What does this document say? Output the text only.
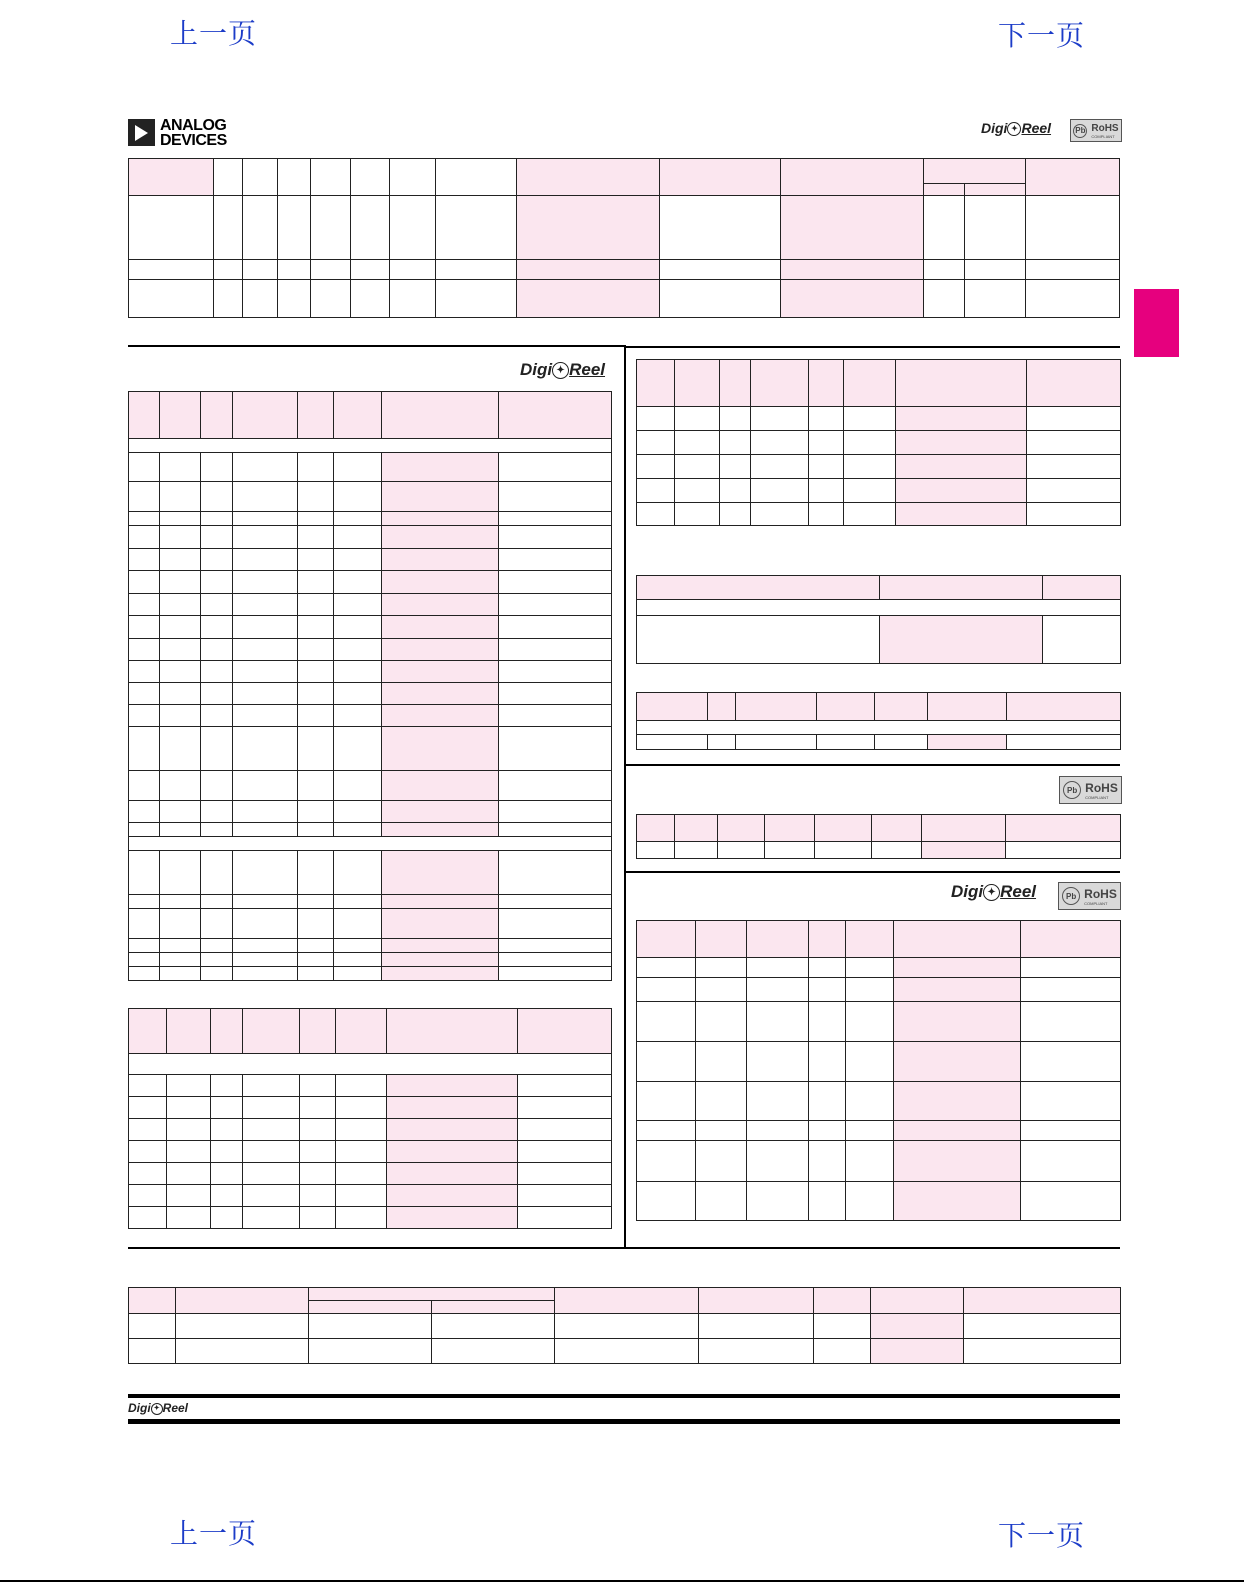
上一页	下一页
上一页	下一页
ANALOG
DEVICES
Digi ✦ Reel	Pb RoHS
COMPLIANT

Digi ✦ Reel

Pb RoHS
COMPLIANT

Digi ✦ Reel	Pb RoHS
COMPLIANT

Digi ✦ Reel
